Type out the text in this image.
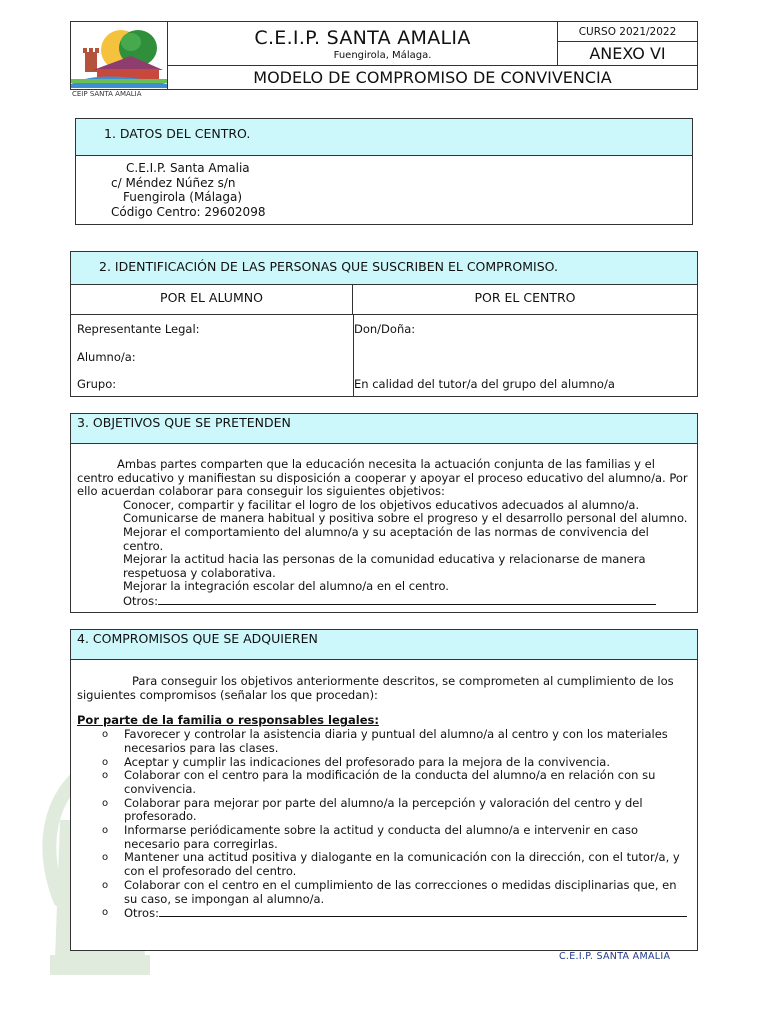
C.E.I.P. SANTA AMALIA
Fuengirola, Málaga.
CURSO 2021/2022
ANEXO VI
MODELO DE COMPROMISO DE CONVIVENCIA
CEIP SANTA AMALIA
1. DATOS DEL CENTRO.
C.E.I.P. Santa Amalia
c/ Méndez Núñez s/n
Fuengirola (Málaga)
Código Centro: 29602098
2. IDENTIFICACIÓN DE LAS PERSONAS QUE SUSCRIBEN EL COMPROMISO.
POR EL ALUMNO	POR EL CENTRO
Representante Legal:
Alumno/a:
Grupo:
Don/Doña:
En calidad del tutor/a del grupo del alumno/a
3. OBJETIVOS QUE SE PRETENDEN
Ambas partes comparten que la educación necesita la actuación conjunta de las familias y el centro educativo y manifiestan su disposición a cooperar y apoyar el proceso educativo del alumno/a. Por ello acuerdan colaborar para conseguir los siguientes objetivos:
Conocer, compartir y facilitar el logro de los objetivos educativos adecuados al alumno/a.
Comunicarse de manera habitual y positiva sobre el progreso y el desarrollo personal del alumno.
Mejorar el comportamiento del alumno/a y su aceptación de las normas de convivencia del centro.
Mejorar la actitud hacia las personas de la comunidad educativa y relacionarse de manera respetuosa y colaborativa.
Mejorar la integración escolar del alumno/a en el centro.
Otros:
4. COMPROMISOS QUE SE ADQUIEREN
Para conseguir los objetivos anteriormente descritos, se comprometen al cumplimiento de los siguientes compromisos (señalar los que procedan):
Por parte de la familia o responsables legales:
o Favorecer y controlar la asistencia diaria y puntual del alumno/a al centro y con los materiales necesarios para las clases.
o Aceptar y cumplir las indicaciones del profesorado para la mejora de la convivencia.
o Colaborar con el centro para la modificación de la conducta del alumno/a en relación con su convivencia.
o Colaborar para mejorar por parte del alumno/a la percepción y valoración del centro y del profesorado.
o Informarse periódicamente sobre la actitud y conducta del alumno/a e intervenir en caso necesario para corregirlas.
o Mantener una actitud positiva y dialogante en la comunicación con la dirección, con el tutor/a, y con el profesorado del centro.
o Colaborar con el centro en el cumplimiento de las correcciones o medidas disciplinarias que, en su caso, se impongan al alumno/a.
o Otros:
C.E.I.P. SANTA AMALIA
